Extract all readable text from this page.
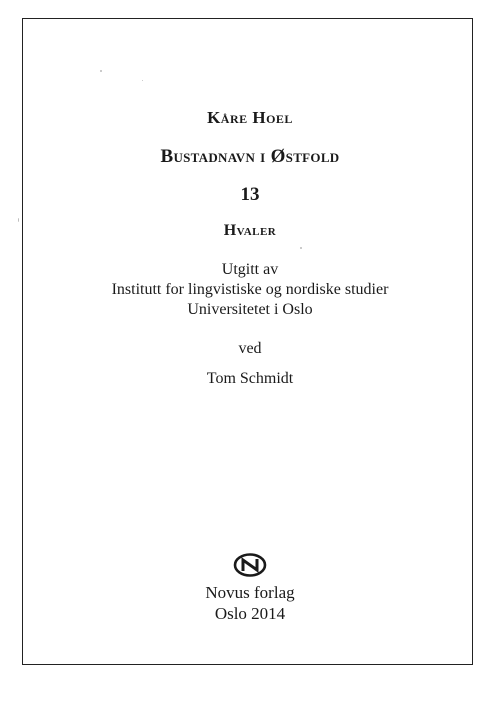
Kåre Hoel
Bustadnavn i Østfold
13
Hvaler
Utgitt av
Institutt for lingvistiske og nordiske studier
Universitetet i Oslo
ved
Tom Schmidt
Novus forlag
Oslo 2014
